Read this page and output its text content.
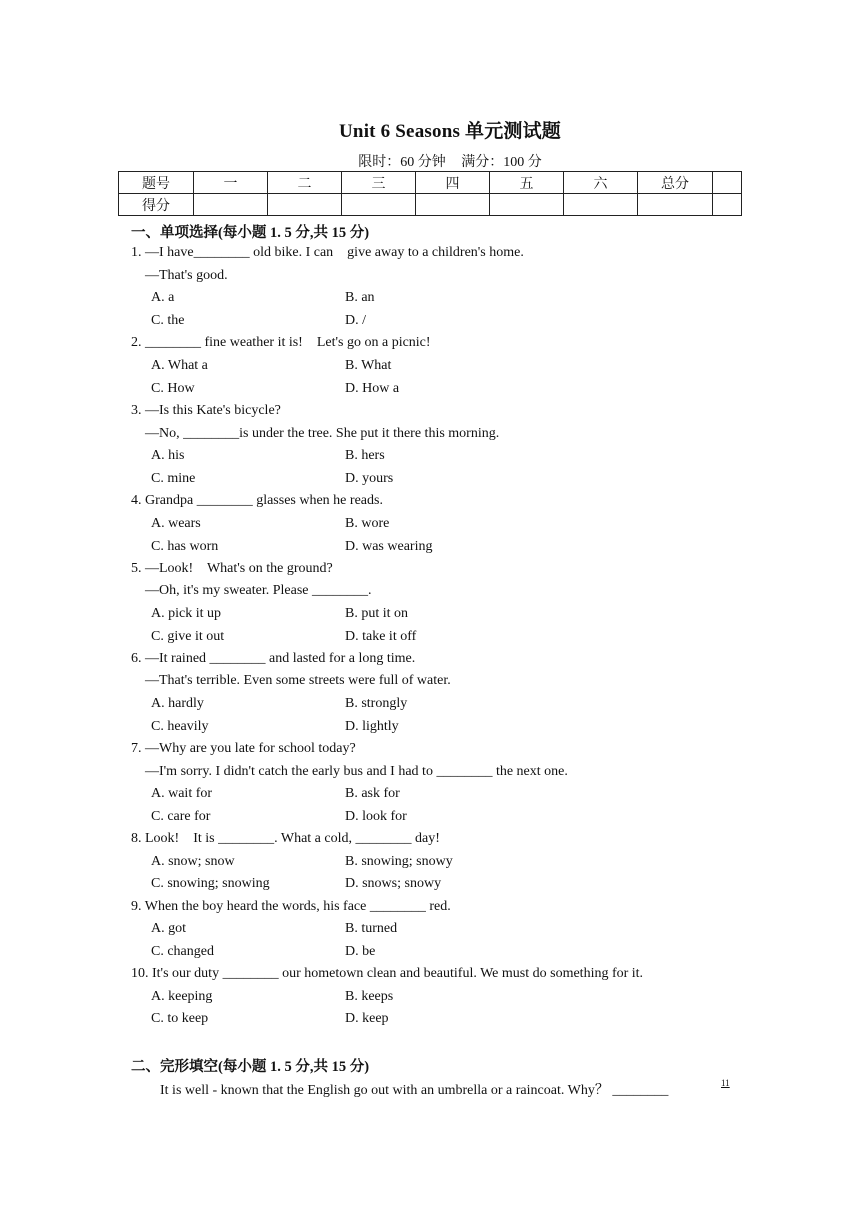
Unit 6 Seasons 单元测试题
限时：60 分钟 满分：100 分
题号	一	二	三	四	五	六	总分	
得分								
一、单项选择(每小题 1. 5 分,共 15 分)
1. —I have________ old bike. I can    give away to a children's home.
—That's good.
A. a	B. an
C. the	D. /
2. ________ fine weather it is!    Let's go on a picnic!
A. What a	B. What
C. How	D. How a
3. —Is this Kate's bicycle?
—No, ________is under the tree. She put it there this morning.
A. his	B. hers
C. mine	D. yours
4. Grandpa ________ glasses when he reads.
A. wears	B. wore
C. has worn	D. was wearing
5. —Look!    What's on the ground?
—Oh, it's my sweater. Please ________.
A. pick it up	B. put it on
C. give it out	D. take it off
6. —It rained ________ and lasted for a long time.
—That's terrible. Even some streets were full of water.
A. hardly	B. strongly
C. heavily	D. lightly
7. —Why are you late for school today?
—I'm sorry. I didn't catch the early bus and I had to ________ the next one.
A. wait for	B. ask for
C. care for	D. look for
8. Look!    It is ________. What a cold, ________ day!
A. snow; snow	B. snowing; snowy
C. snowing; snowing	D. snows; snowy
9. When the boy heard the words, his face ________ red.
A. got	B. turned
C. changed	D. be
10. It's our duty ________ our hometown clean and beautiful. We must do something for it.
A. keeping	B. keeps
C. to keep	D. keep
二、完形填空(每小题 1. 5 分,共 15 分)
It is well - known that the English go out with an umbrella or a raincoat. Why？ ________	11
